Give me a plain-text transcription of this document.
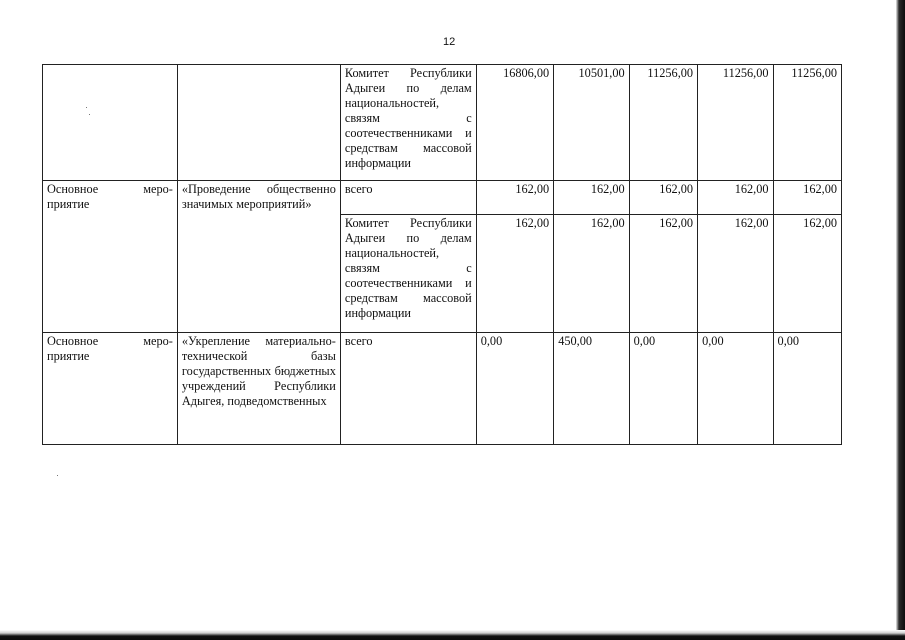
12
		Комитет Республики Адыгеи по делам национальностей, связям с соотечественниками и средствам массовой информации	16806,00	10501,00	11256,00	11256,00	11256,00

Основное меро-
приятие	«Проведение общественно значимых мероприятий»	всего	162,00	162,00	162,00	162,00	162,00
		Комитет Республики Адыгеи по делам национальностей, связям с соотечественниками и средствам массовой информации	162,00	162,00	162,00	162,00	162,00

Основное меро-
приятие	«Укрепление материально-технической базы государственных бюджетных учреждений Республики Адыгея, подведомственных	всего	0,00	450,00	0,00	0,00	0,00
